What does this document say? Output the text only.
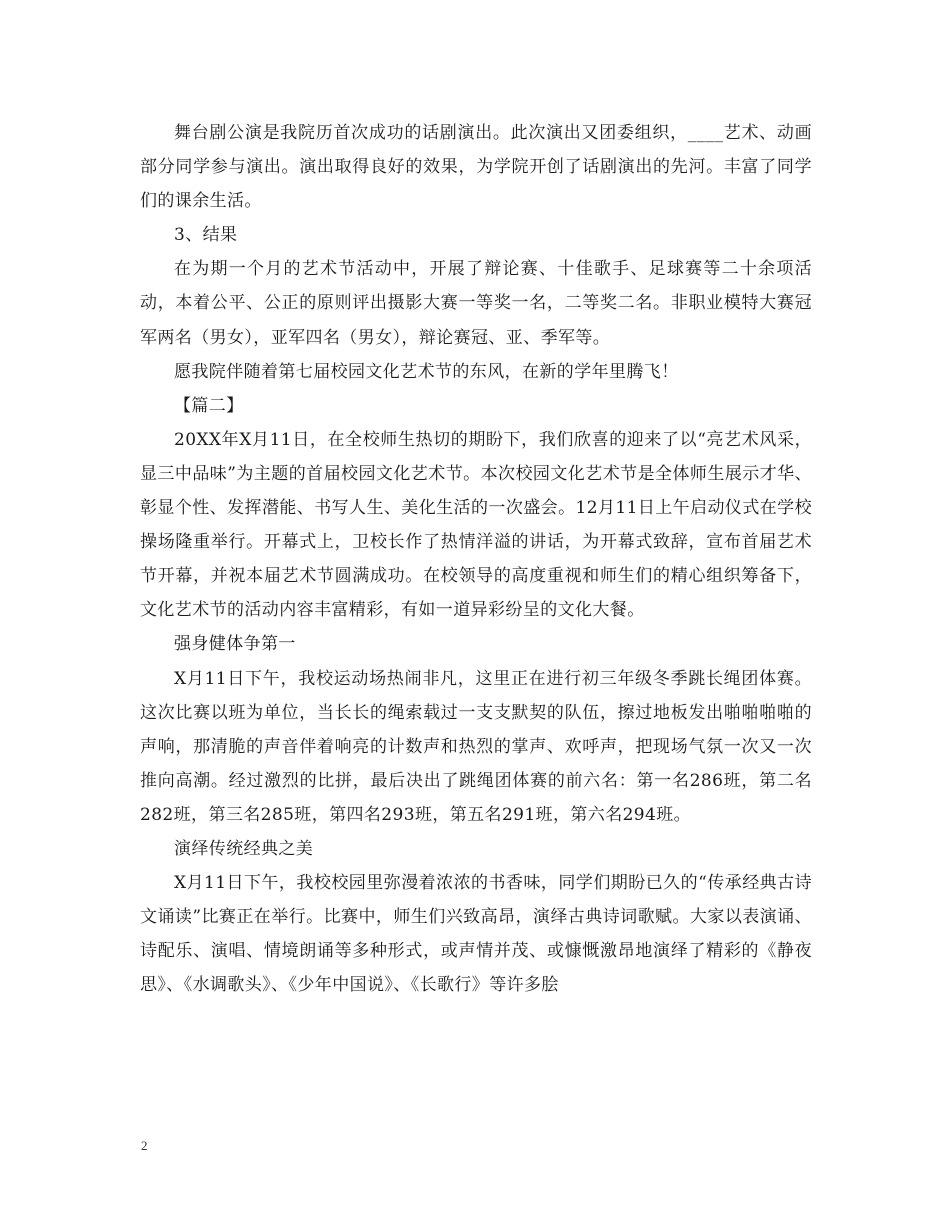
舞台剧公演是我院历首次成功的话剧演出。此次演出又团委组织，____艺术、动画部分同学参与演出。演出取得良好的效果，为学院开创了话剧演出的先河。丰富了同学们的课余生活。

3、结果

在为期一个月的艺术节活动中，开展了辩论赛、十佳歌手、足球赛等二十余项活动，本着公平、公正的原则评出摄影大赛一等奖一名，二等奖二名。非职业模特大赛冠军两名（男女），亚军四名（男女），辩论赛冠、亚、季军等。

愿我院伴随着第七届校园文化艺术节的东风，在新的学年里腾飞！

【篇二】

20XX年X月11日，在全校师生热切的期盼下，我们欣喜的迎来了以“亮艺术风采，显三中品味”为主题的首届校园文化艺术节。本次校园文化艺术节是全体师生展示才华、彰显个性、发挥潜能、书写人生、美化生活的一次盛会。12月11日上午启动仪式在学校操场隆重举行。开幕式上，卫校长作了热情洋溢的讲话，为开幕式致辞，宣布首届艺术节开幕，并祝本届艺术节圆满成功。在校领导的高度重视和师生们的精心组织筹备下，文化艺术节的活动内容丰富精彩，有如一道异彩纷呈的文化大餐。

强身健体争第一

X月11日下午，我校运动场热闹非凡，这里正在进行初三年级冬季跳长绳团体赛。这次比赛以班为单位，当长长的绳索载过一支支默契的队伍，擦过地板发出啪啪啪啪的声响，那清脆的声音伴着响亮的计数声和热烈的掌声、欢呼声，把现场气氛一次又一次推向高潮。经过激烈的比拼，最后决出了跳绳团体赛的前六名：第一名286班，第二名282班，第三名285班，第四名293班，第五名291班，第六名294班。

演绎传统经典之美

X月11日下午，我校校园里弥漫着浓浓的书香味，同学们期盼已久的“传承经典古诗文诵读”比赛正在举行。比赛中，师生们兴致高昂，演绎古典诗词歌赋。大家以表演诵、诗配乐、演唱、情境朗诵等多种形式，或声情并茂、或慷慨激昂地演绎了精彩的《静夜思》、《水调歌头》、《少年中国说》、《长歌行》等许多脍

2
